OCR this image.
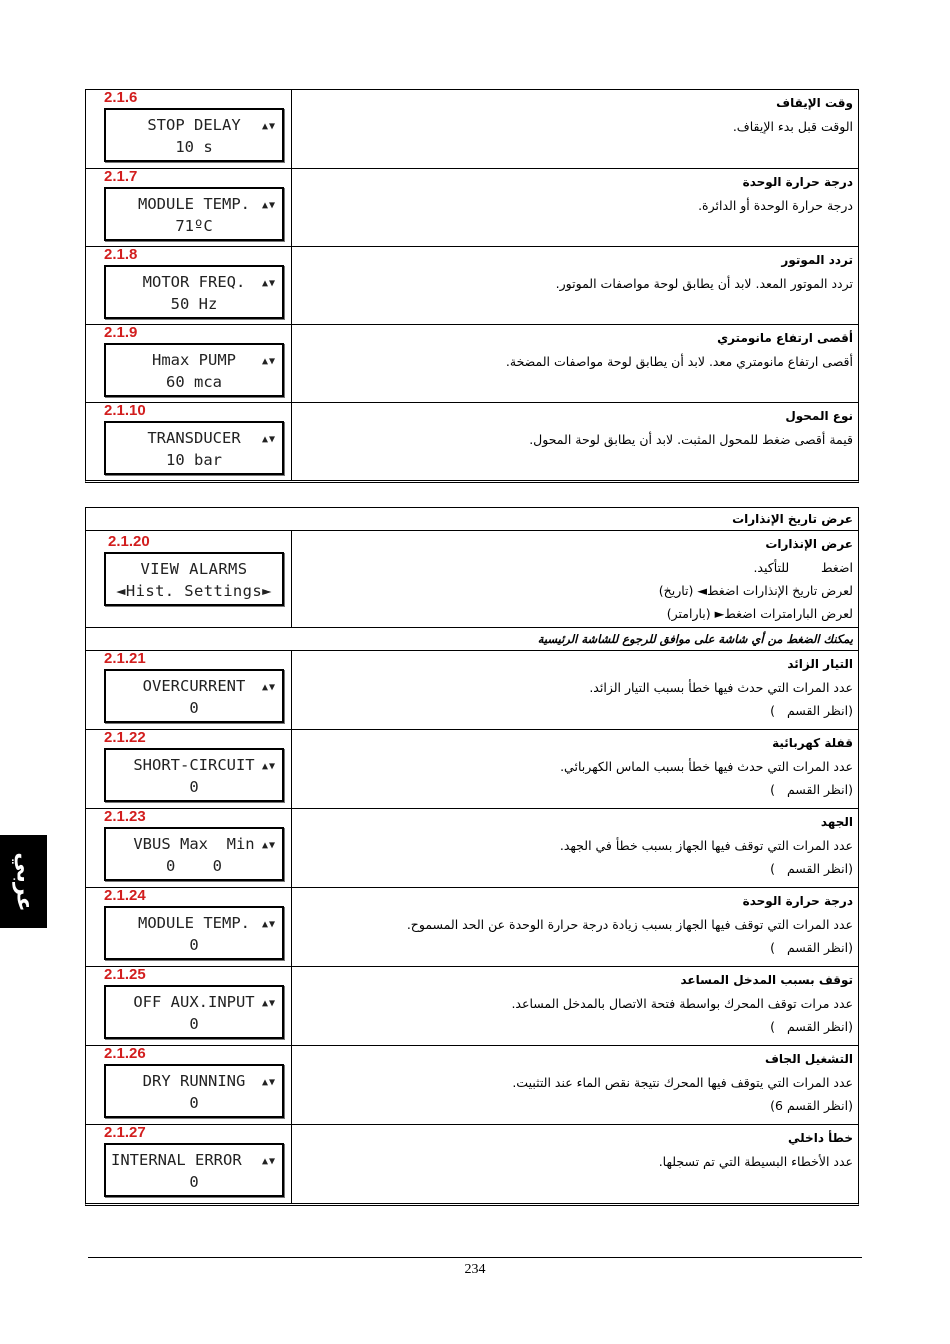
2.1.6
STOP DELAY
10 s
▲▼
وقت الإيقاف
الوقت قبل بدء الإيقاف.
2.1.7
MODULE TEMP.
71ºC
▲▼
درجة حرارة الوحدة
درجة حرارة الوحدة أو الدائرة.
2.1.8
MOTOR FREQ.
50 Hz
▲▼
تردد الموتور
تردد الموتور المعد. لابد أن يطابق لوحة مواصفات الموتور.
2.1.9
Hmax PUMP
60 mca
▲▼
أقصى ارتفاع مانومتري
أقصى ارتفاع مانومتري معد. لابد أن يطابق لوحة مواصفات المضخة.
2.1.10
TRANSDUCER
10 bar
▲▼
نوع المحول
قيمة أقصى ضغط للمحول المثبت. لابد أن يطابق لوحة المحول.
عرض تاريخ الإنذارات
2.1.20
VIEW ALARMS
◄Hist. Settings►
عرض الإنذارات
اضغط        للتأكيد.
لعرض تاريخ الإنذارات اضغط◄ (تاريخ)
لعرض البارامترات اضغط► (بارامتر)
يمكنك الضغط من أي شاشة على موافق للرجوع للشاشة الرئيسية
2.1.21
OVERCURRENT
0
▲▼
التيار الزائد
عدد المرات التي حدث فيها خطأ بسبب التيار الزائد.
(انظر القسم   )
2.1.22
SHORT-CIRCUIT
0
▲▼
قفلة كهربائية
عدد المرات التي حدث فيها خطأ بسبب الماس الكهربائي.
(انظر القسم   )
2.1.23
VBUS Max  Min
0    0
▲▼
الجهد
عدد المرات التي توقف فيها الجهاز بسبب خطأ في الجهد.
(انظر القسم   )
2.1.24
MODULE TEMP.
0
▲▼
درجة حرارة الوحدة
عدد المرات التي توقف فيها الجهاز بسبب زيادة درجة حرارة الوحدة عن الحد المسموح.
(انظر القسم   )
2.1.25
OFF AUX.INPUT
0
▲▼
توقف بسبب المدخل المساعد
عدد مرات توقف المحرك بواسطة فتحة الاتصال بالمدخل المساعد.
(انظر القسم   )
2.1.26
DRY RUNNING
0
▲▼
التشغيل الجاف
عدد المرات التي يتوقف فيها المحرك نتيجة نقص الماء عند التثبيت.
(انظر القسم 6)
2.1.27
INTERNAL ERROR
0
▲▼
خطأ داخلي
عدد الأخطاء البسيطة التي تم تسجلها.
عربي
234
